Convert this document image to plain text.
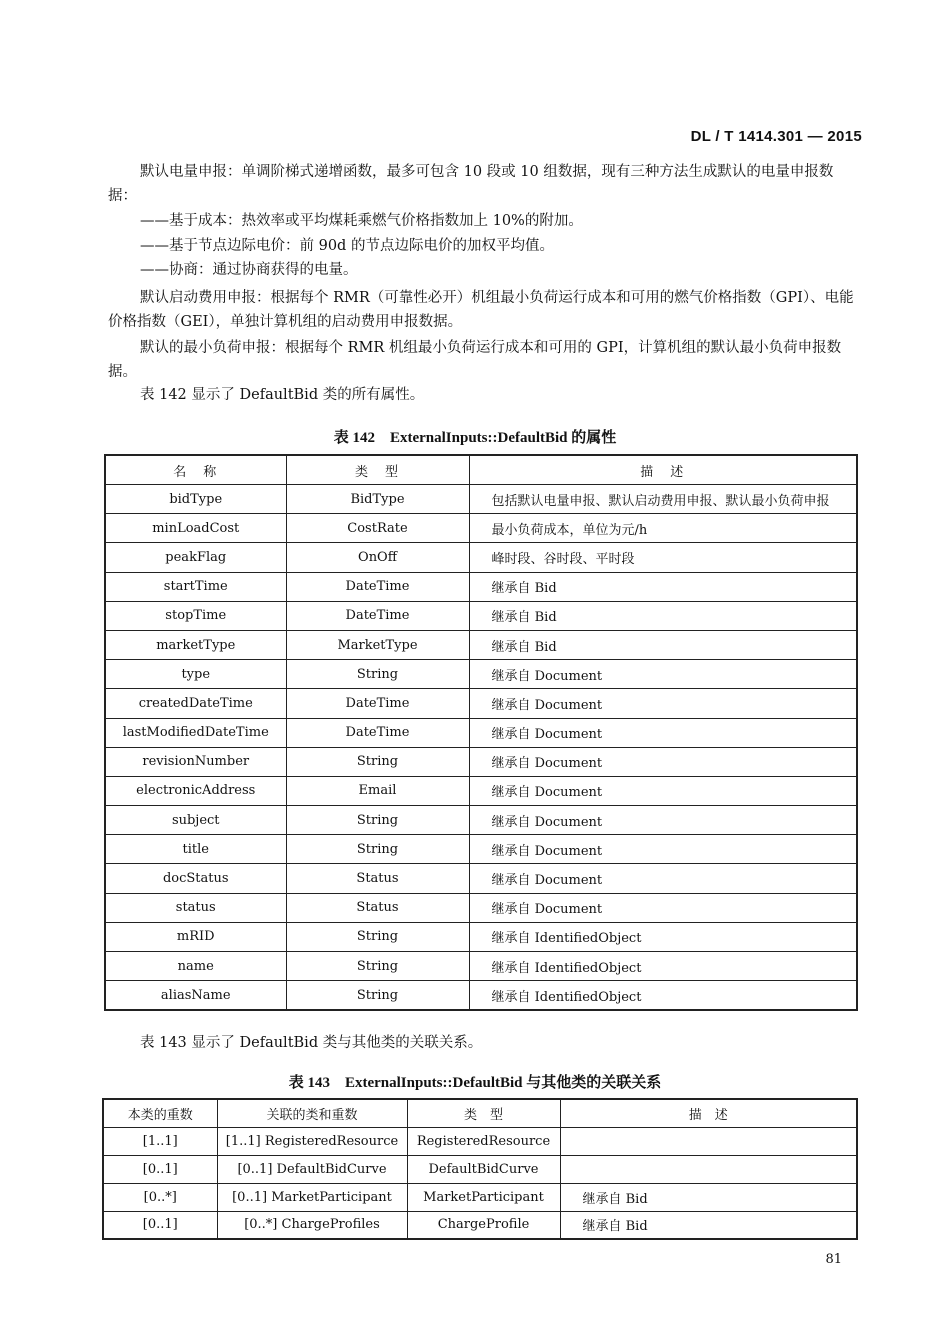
DL / T 1414.301 — 2015

默认电量申报：单调阶梯式递增函数，最多可包含 10 段或 10 组数据，现有三种方法生成默认的电量申报数据：

——基于成本：热效率或平均煤耗乘燃气价格指数加上 10%的附加。
——基于节点边际电价：前 90d 的节点边际电价的加权平均值。
——协商：通过协商获得的电量。

默认启动费用申报：根据每个 RMR（可靠性必开）机组最小负荷运行成本和可用的燃气价格指数（GPI）、电能价格指数（GEI），单独计算机组的启动费用申报数据。

默认的最小负荷申报：根据每个 RMR 机组最小负荷运行成本和可用的 GPI，计算机组的默认最小负荷申报数据。

表 142 显示了 DefaultBid 类的所有属性。
表 142　ExternalInputs::DefaultBid 的属性
名　称	类　型	描　述
bidType	BidType	包括默认电量申报、默认启动费用申报、默认最小负荷申报
minLoadCost	CostRate	最小负荷成本，单位为元/h
peakFlag	OnOff	峰时段、谷时段、平时段
startTime	DateTime	继承自 Bid
stopTime	DateTime	继承自 Bid
marketType	MarketType	继承自 Bid
type	String	继承自 Document
createdDateTime	DateTime	继承自 Document
lastModifiedDateTime	DateTime	继承自 Document
revisionNumber	String	继承自 Document
electronicAddress	Email	继承自 Document
subject	String	继承自 Document
title	String	继承自 Document
docStatus	Status	继承自 Document
status	Status	继承自 Document
mRID	String	继承自 IdentifiedObject
name	String	继承自 IdentifiedObject
aliasName	String	继承自 IdentifiedObject
表 143 显示了 DefaultBid 类与其他类的关联关系。
表 143　ExternalInputs::DefaultBid 与其他类的关联关系
本类的重数	关联的类和重数	类　型	描　述
[1..1]	[1..1] RegisteredResource	RegisteredResource	
[0..1]	[0..1] DefaultBidCurve	DefaultBidCurve	
[0..*]	[0..1] MarketParticipant	MarketParticipant	继承自 Bid
[0..1]	[0..*] ChargeProfiles	ChargeProfile	继承自 Bid
81
